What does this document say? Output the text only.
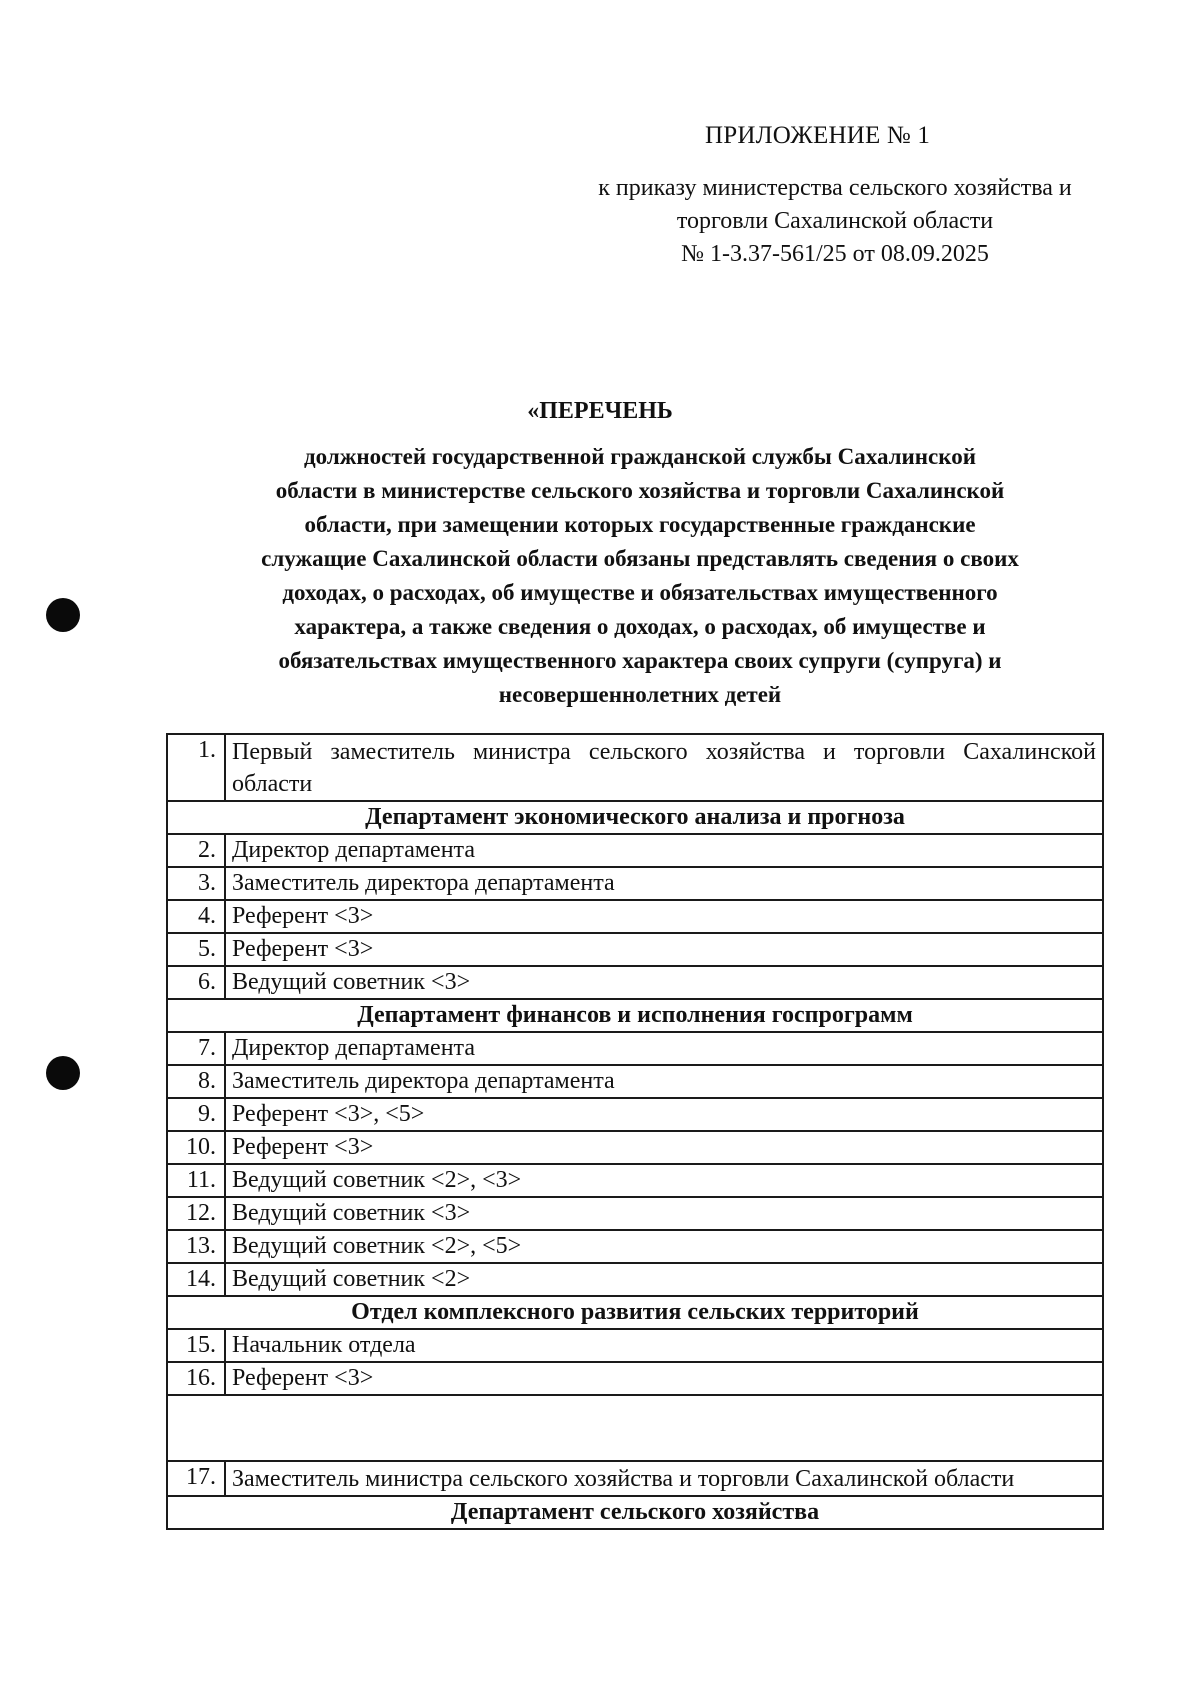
ПРИЛОЖЕНИЕ № 1
к приказу министерства сельского хозяйства и
торговли Сахалинской области
№ 1-3.37-561/25 от 08.09.2025
«ПЕРЕЧЕНЬ
должностей государственной гражданской службы Сахалинской
области в министерстве сельского хозяйства и торговли Сахалинской
области, при замещении которых государственные гражданские
служащие Сахалинской области обязаны представлять сведения о своих
доходах, о расходах, об имуществе и обязательствах имущественного
характера, а также сведения о доходах, о расходах, об имуществе и
обязательствах имущественного характера своих супруги (супруга) и
несовершеннолетних детей
1.	Первый заместитель министра сельского хозяйства и торговли Сахалинской области
Департамент экономического анализа и прогноза	
2.	Директор департамента
3.	Заместитель директора департамента
4.	Референт <3>
5.	Референт <3>
6.	Ведущий советник <3>
Департамент финансов и исполнения госпрограмм	
7.	Директор департамента
8.	Заместитель директора департамента
9.	Референт <3>, <5>
10.	Референт <3>
11.	Ведущий советник <2>, <3>
12.	Ведущий советник <3>
13.	Ведущий советник <2>, <5>
14.	Ведущий советник <2>
Отдел комплексного развития сельских территорий	
15.	Начальник отдела
16.	Референт <3>

17.	Заместитель министра сельского хозяйства и торговли Сахалинской области
Департамент сельского хозяйства	
